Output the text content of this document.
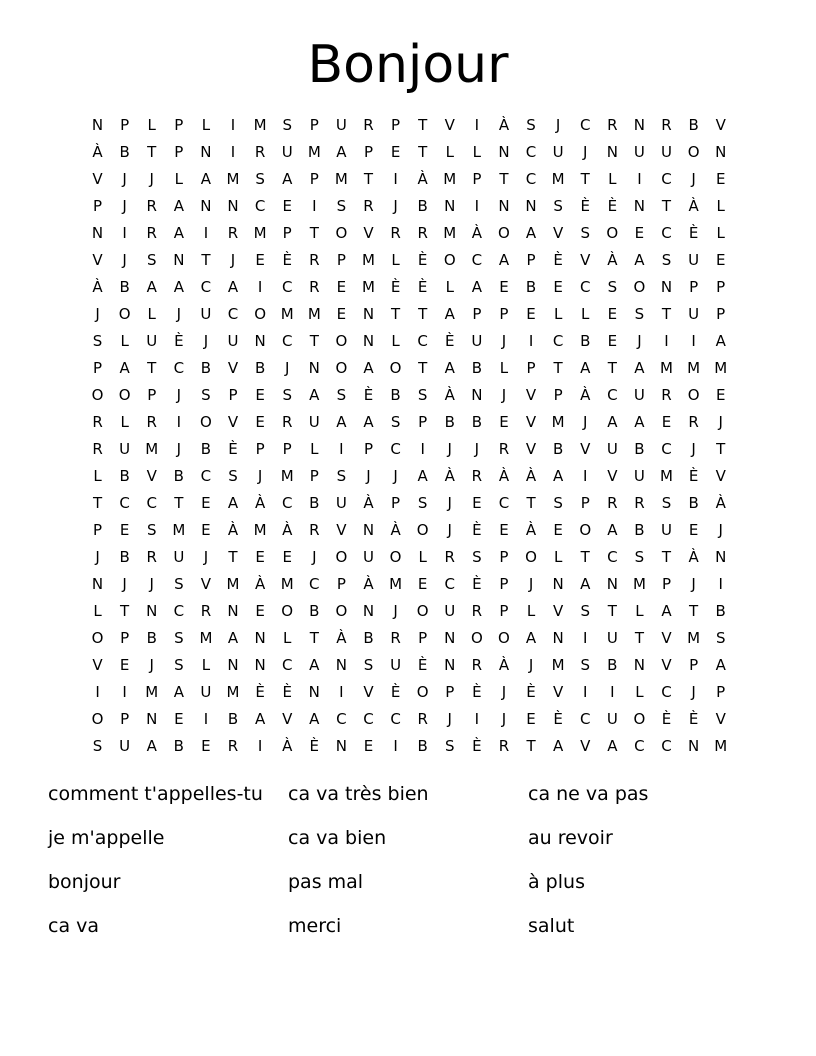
Bonjour
N	P	L	P	L	I	M	S	P	U	R	P	T	V	I	À	S	J	C	R	N	R	B	V
À	B	T	P	N	I	R	U	M	A	P	E	T	L	L	N	C	U	J	N	U	U	O	N
V	J	J	L	A	M	S	A	P	M	T	I	À	M	P	T	C	M	T	L	I	C	J	E
P	J	R	A	N	N	C	E	I	S	R	J	B	N	I	N	N	S	È	È	N	T	À	L
N	I	R	A	I	R	M	P	T	O	V	R	R	M	À	O	A	V	S	O	E	C	È	L
V	J	S	N	T	J	E	È	R	P	M	L	È	O	C	A	P	È	V	À	A	S	U	E
À	B	A	A	C	A	I	C	R	E	M	È	È	L	A	E	B	E	C	S	O	N	P	P
J	O	L	J	U	C	O M M	E	N	T	T	A	P	P	E	L	L	E	S	T	U	P
S	L	U	È	J	U	N	C	T	O	N	L	C	È	U	J	I	C	B	E	J	I	I	A
P	A	T	C	B	V	B	J	N	O	A	O	T	A	B	L	P	T	A	T	A	M M M
O	O	P	J	S	P	E	S	A	S	È	B	S	À	N	J	V	P	À	C	U	R	O	E
R	L	R	I	O	V	E	R	U	A	A	S	P	B	B	E	V	M	J	A	A	E	R	J
R	U	M	J	B	È	P	P	L	I	P	C	I	J	J	R	V	B	V	U	B	C	J	T
L	B	V	B	C	S	J	M	P	S	J	J	A	À	R	À	À	A	I	V	U	M	È	V
T	C	C	T	E	A	À	C	B	U	À	P	S	J	E	C	T	S	P	R	R	S	B	À
P	E	S	M	E	À	M	À	R	V	N	À	O	J	È	E	À	E	O	A	B	U	E	J
J	B	R	U	J	T	E	E	J	O	U	O	L	R	S	P	O	L	T	C	S	T	À	N
N	J	J	S	V	M	À	M	C	P	À	M	E	C	È	P	J	N	A	N	M	P	J	I
L	T	N	C	R	N	E	O	B	O	N	J	O	U	R	P	L	V	S	T	L	A	T	B
O	P	B	S	M	A	N	L	T	À	B	R	P	N	O	O	A	N	I	U	T	V	M	S
V	E	J	S	L	N	N	C	A	N	S	U	È	N	R	À	J	M	S	B	N	V	P	A
I	I	M	A	U	M	È	È	N	I	V	È	O	P	È	J	È	V	I	I	L	C	J	P
O	P	N	E	I	B	A	V	A	C	C	C	R	J	I	J	E	È	C	U	O	È	È	V
S	U	A	B	E	R	I	À	È	N	E	I	B	S	È	R	T	A	V	A	C	C	N	M
comment t'appelles-tu	ca va très bien	ca ne va pas
je m'appelle	ca va bien	au revoir
bonjour	pas mal	à plus
ca va	merci	salut
